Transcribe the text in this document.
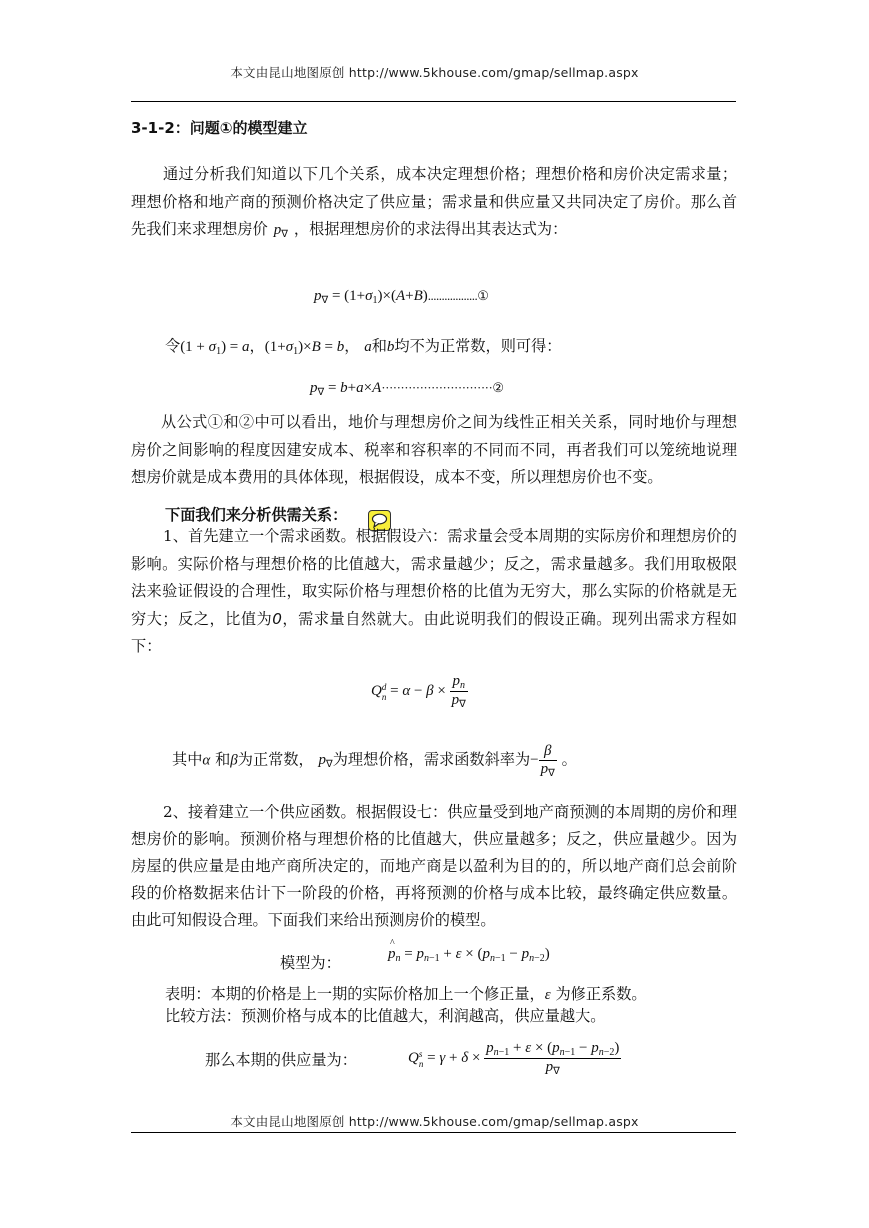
本文由昆山地图原创 http://www.5khouse.com/gmap/sellmap.aspx
3-1-2：问题①的模型建立

通过分析我们知道以下几个关系，成本决定理想价格；理想价格和房价决定需求量；理想价格和地产商的预测价格决定了供应量；需求量和供应量又共同决定了房价。那么首先我们来求理想房价 $p_\nabla$ ，根据理想房价的求法得出其表达式为：

$p_\nabla$ = $(1+\sigma_1)\times(A+B)..................①$
令$(1 + \sigma_1) = a$，$(1+\sigma_1)\times B = b$， a和b均不为正常数，则可得：
$p_\nabla$ = b+a×A·····························②

从公式①和②中可以看出，地价与理想房价之间为线性正相关关系，同时地价与理想房价之间影响的程度因建安成本、税率和容积率的不同而不同，再者我们可以笼统地说理想房价就是成本费用的具体体现，根据假设，成本不变，所以理想房价也不变。

下面我们来分析供需关系：

1、首先建立一个需求函数。根据假设六：需求量会受本周期的实际房价和理想房价的影响。实际价格与理想价格的比值越大，需求量越少；反之，需求量越多。我们用取极限法来验证假设的合理性，取实际价格与理想价格的比值为无穷大，那么实际的价格就是无穷大；反之，比值为0，需求量自然就大。由此说明我们的假设正确。现列出需求方程如下：

Q d
$n = \alpha - \beta \times \frac{p_n}{p_\nabla}$
其中α 和β为正常数， $p_\nabla$为理想价格，需求函数斜率为− $\frac{\beta}{p_\nabla}$ 。

2、接着建立一个供应函数。根据假设七：供应量受到地产商预测的本周期的房价和理想房价的影响。预测价格与理想价格的比值越大，供应量越多；反之，供应量越少。因为房屋的供应量是由地产商所决定的，而地产商是以盈利为目的的，所以地产商们总会前阶段的价格数据来估计下一阶段的价格，再将预测的价格与成本比较，最终确定供应数量。由此可知假设合理。下面我们来给出预测房价的模型。

模型为：
^
$p_n = p_{n-1} + \varepsilon \times (p_{n-1} - p_{n-2})$
表明：本期的价格是上一期的实际价格加上一个修正量，ε 为修正系数。
比较方法：预测价格与成本的比值越大，利润越高，供应量越大。
那么本期的供应量为：	Q s
$n = \gamma + \delta \times \frac{p_{n-1} + \varepsilon \times (p_{n-1} - p_{n-2})}{p_\nabla}$
本文由昆山地图原创 http://www.5khouse.com/gmap/sellmap.aspx
